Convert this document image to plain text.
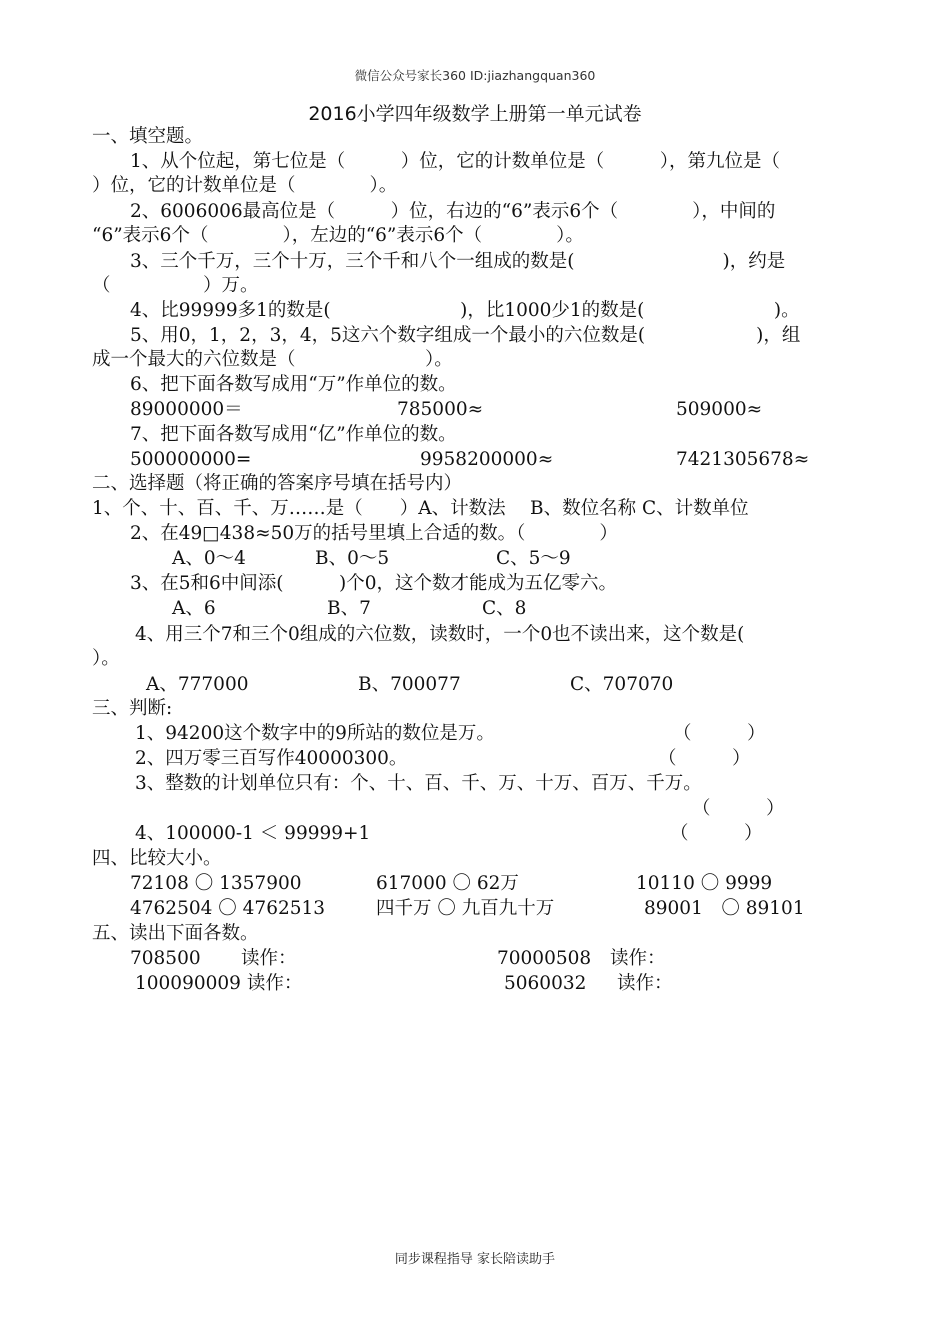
微信公众号家长360 ID:jiazhangquan360
2016小学四年级数学上册第一单元试卷
一、填空题。
1、从个位起，第七位是（　　　）位，它的计数单位是（　　　），第九位是（
）位，它的计数单位是（　　　　）。
2、6006006最高位是（　　　）位，右边的“6”表示6个（　　　　），中间的
“6”表示6个（　　　　），左边的“6”表示6个（　　　　）。
3、三个千万，三个十万，三个千和八个一组成的数是(　　　　　　　　)，约是
（　　　　　）万。
4、比99999多1的数是(　　　　　　　)，比1000少1的数是(　　　　　　　)。
5、用0，1，2，3，4，5这六个数字组成一个最小的六位数是(　　　　　　)，组
成一个最大的六位数是（　　　　　　　）。
6、把下面各数写成用“万”作单位的数。
89000000＝	785000≈	509000≈
7、把下面各数写成用“亿”作单位的数。
500000000=	9958200000≈	7421305678≈
二、选择题（将正确的答案序号填在括号内）
1、个、十、百、千、万……是（　　）A、计数法　 B、数位名称 C、计数单位
2、在49□438≈50万的括号里填上合适的数。（　　　　）
A、0～4	B、0～5	C、5～9
3、在5和6中间添(　　　)个0，这个数才能成为五亿零六。
A、6	B、7	C、8
4、用三个7和三个0组成的六位数，读数时，一个0也不读出来，这个数是(
）。
A、777000	B、700077	C、707070
三、判断:
1、94200这个数字中的9所站的数位是万。	（　　　）
2、四万零三百写作40000300。	（　　　）
3、整数的计划单位只有：个、十、百、千、万、十万、百万、千万。
（　　　）
4、100000-1 ＜ 99999+1	（　　　）
四、比较大小。
72108 〇 1357900	617000 〇 62万	10110 〇 9999
4762504 〇 4762513	四千万 〇 九百九十万	89001　〇 89101
五、读出下面各数。
708500 读作：	70000508 读作：
100090009 读作：	5060032 读作：
同步课程指导 家长陪读助手
